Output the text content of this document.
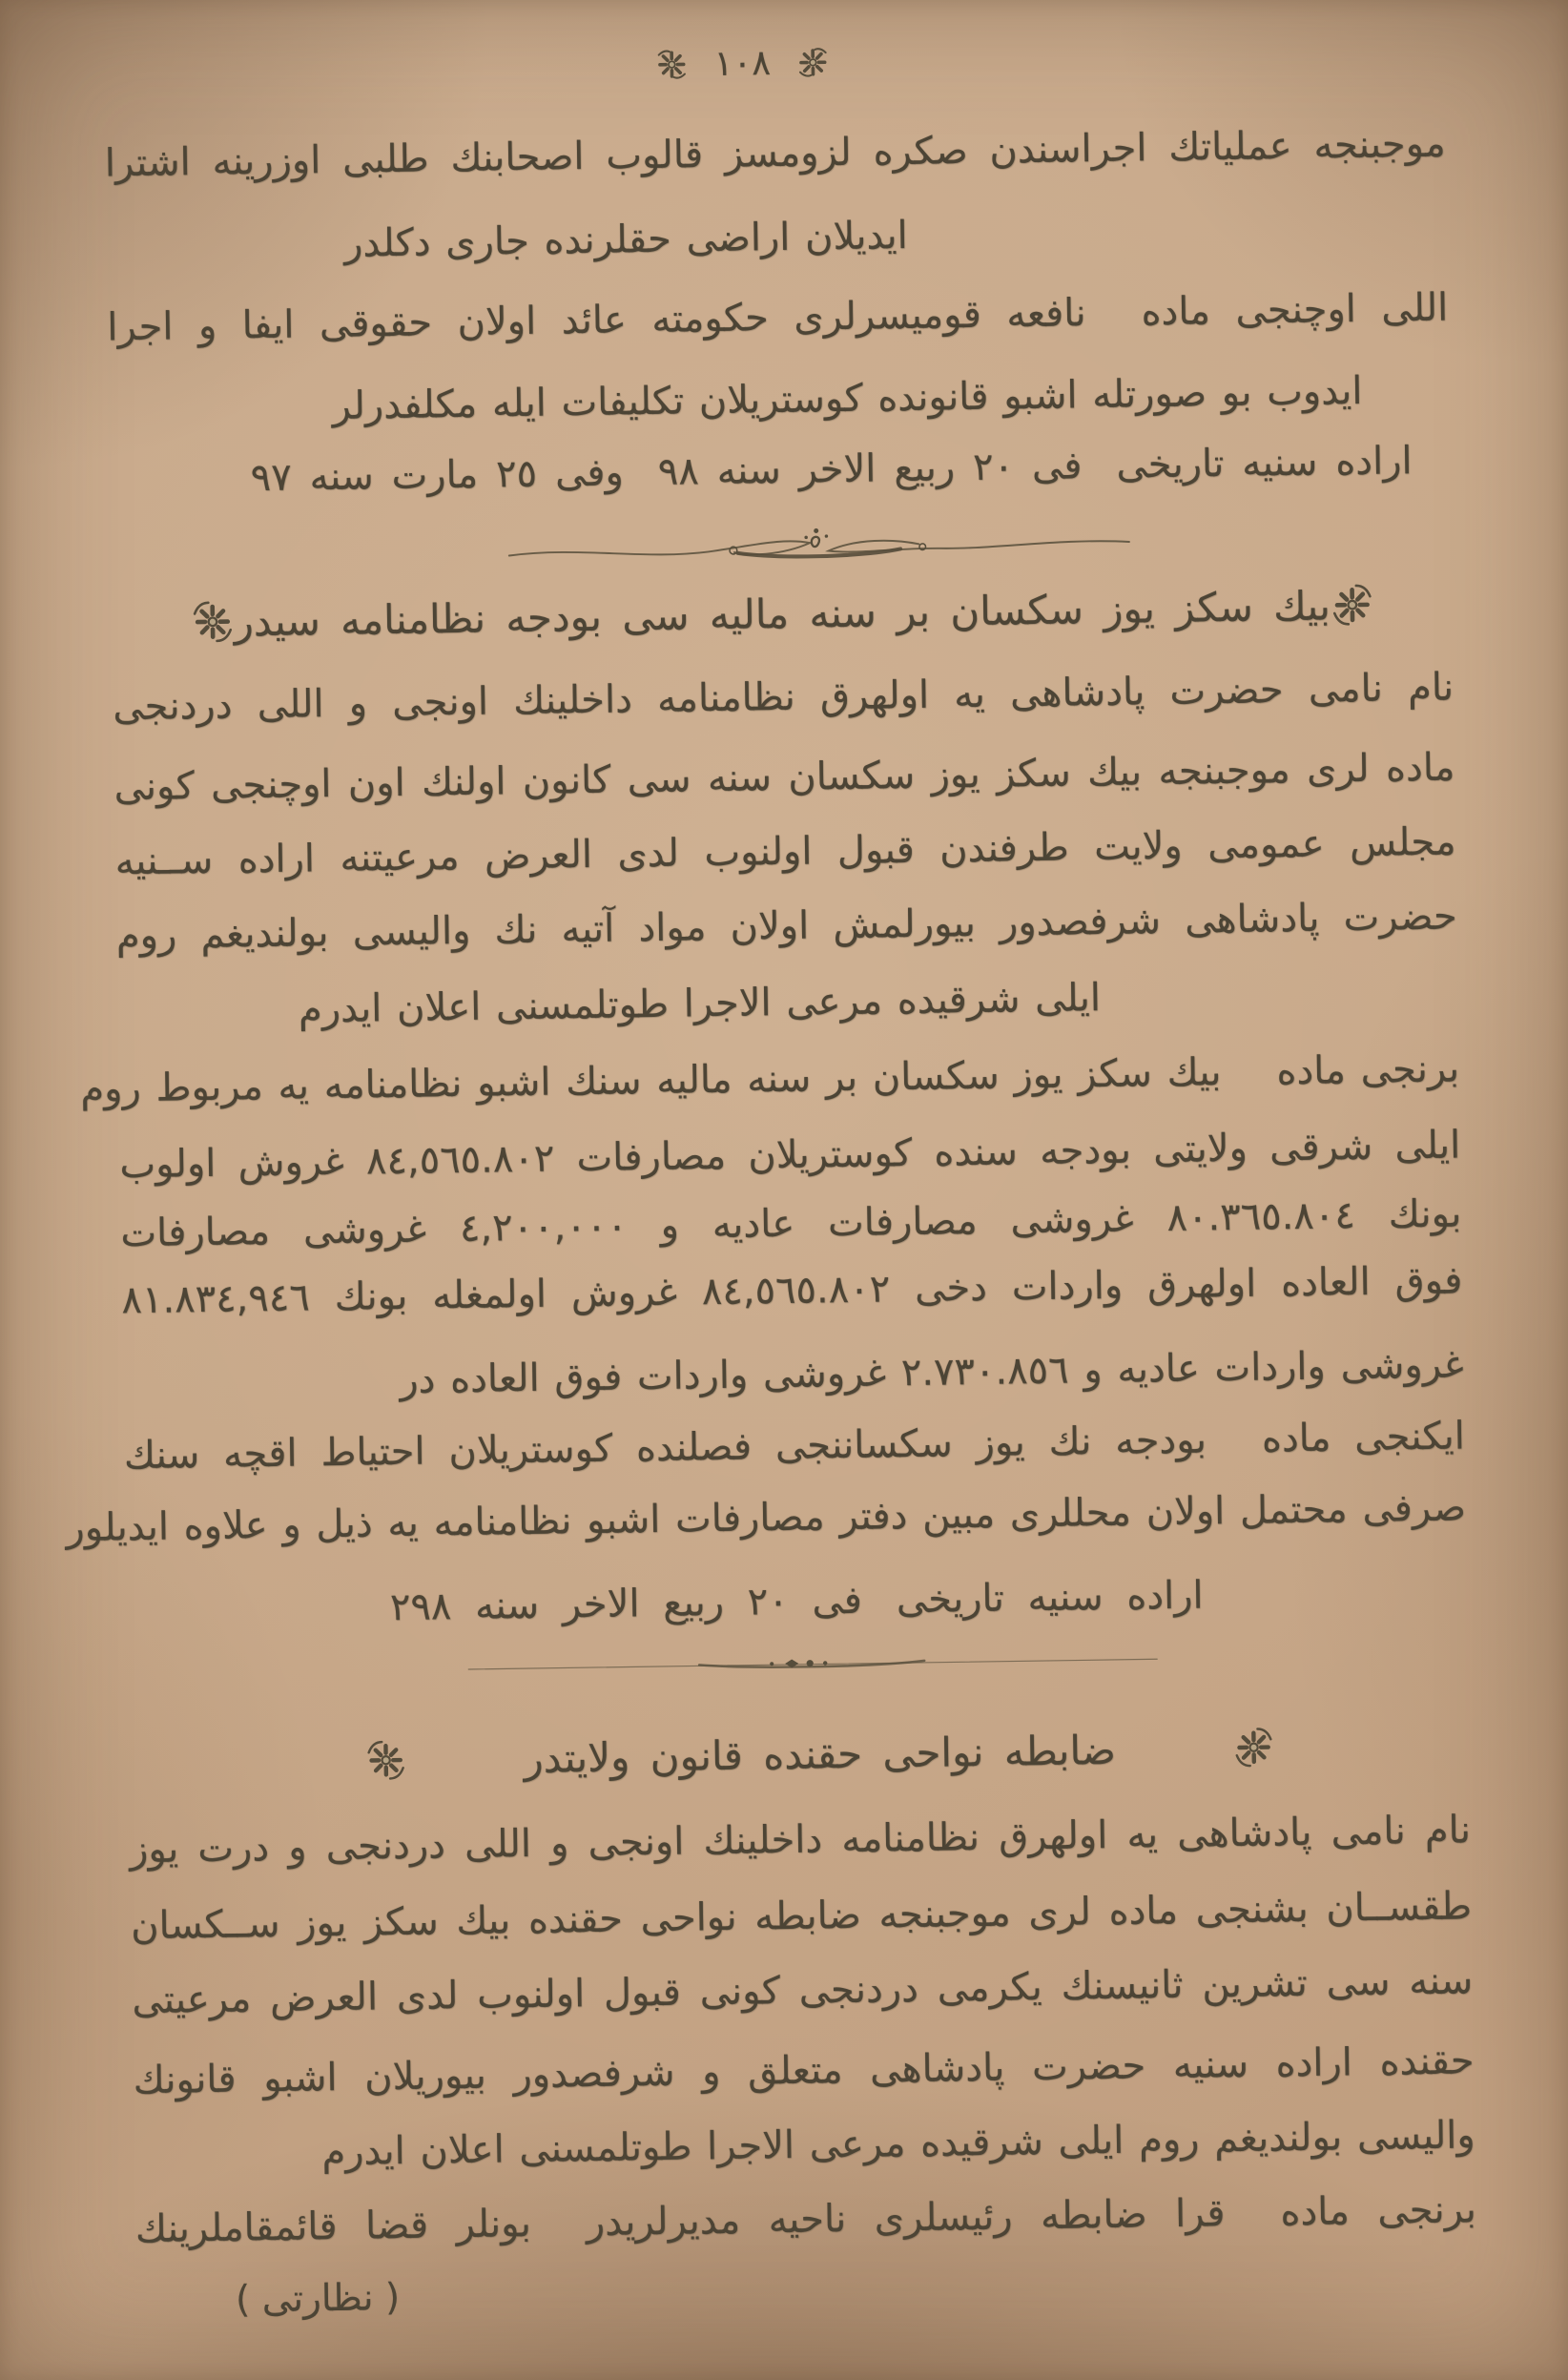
١٠٨
موجبنجه عملياتك اجراسندن صكره لزومسز قالوب اصحابنك طلبى اوزرينه اشترا
ايديلان اراضى حقلرنده جارى دكلدر
اللى اوچنجى مادهنافعه قوميسرلرى حكومته عائد اولان حقوقى ايفا و اجرا
ايدوب بو صورتله اشبو قانونده كوستريلان تكليفات ايله مكلفدرلر
اراده سنيه تاريخىفى ٢٠ ربيع الاخر سنه ٩٨وفى ٢٥ مارت سنه ٩٧
بيك سكز يوز سكسان بر سنه ماليه سى بودجه نظامنامه سيدر
نام نامى حضرت پادشاهى يه اولهرق نظامنامه داخلينك اونجى و اللى دردنجى
ماده لرى موجبنجه بيك سكز يوز سكسان سنه سى كانون اولنك اون اوچنجى كونى
مجلس عمومى ولايت طرفندن قبول اولنوب لدى العرض مرعيتنه اراده ســنيه
حضرت پادشاهى شرفصدور بيورلمش اولان مواد آتيه نك واليسى بولنديغم روم
ايلى شرقيده مرعى الاجرا طوتلمسنى اعلان ايدرم
برنجى مادهبيك سكز يوز سكسان بر سنه ماليه سنك اشبو نظامنامه يه مربوط روم
ايلى شرقى ولايتى بودجه سنده كوستريلان مصارفات ٨٤,٥٦٥.٨٠٢ غروش اولوب
بونك ٨٠.٣٦٥.٨٠٤ غروشى مصارفات عاديه و ٤,٢٠٠,٠٠٠ غروشى مصارفات
فوق العاده اولهرق واردات دخى ٨٤,٥٦٥.٨٠٢ غروش اولمغله بونك ٨١.٨٣٤,٩٤٦
غروشى واردات عاديه و ٢.٧٣٠.٨٥٦ غروشى واردات فوق العاده در
ايكنجى مادهبودجه نك يوز سكساننجى فصلنده كوستريلان احتياط اقچه سنك
صرفى محتمل اولان محللرى مبين دفتر مصارفات اشبو نظامنامه يه ذيل و علاوه ايديلور
اراده سنيه تاريخىفى ٢٠ ربيع الاخر سنه ٢٩٨
ضابطه نواحى حقنده قانون ولايتدر
نام نامى پادشاهى يه اولهرق نظامنامه داخلينك اونجى و اللى دردنجى و درت يوز
طقســان بشنجى ماده لرى موجبنجه ضابطه نواحى حقنده بيك سكز يوز ســكسان
سنه سى تشرين ثانيسنك يكرمى دردنجى كونى قبول اولنوب لدى العرض مرعيتى
حقنده اراده سنيه حضرت پادشاهى متعلق و شرفصدور بيوريلان اشبو قانونك
واليسى بولنديغم روم ايلى شرقيده مرعى الاجرا طوتلمسنى اعلان ايدرم
برنجى مادهقرا ضابطه رئيسلرى ناحيه مديرلريدربونلر قضا قائمقاملرينك
( نظارتى )
